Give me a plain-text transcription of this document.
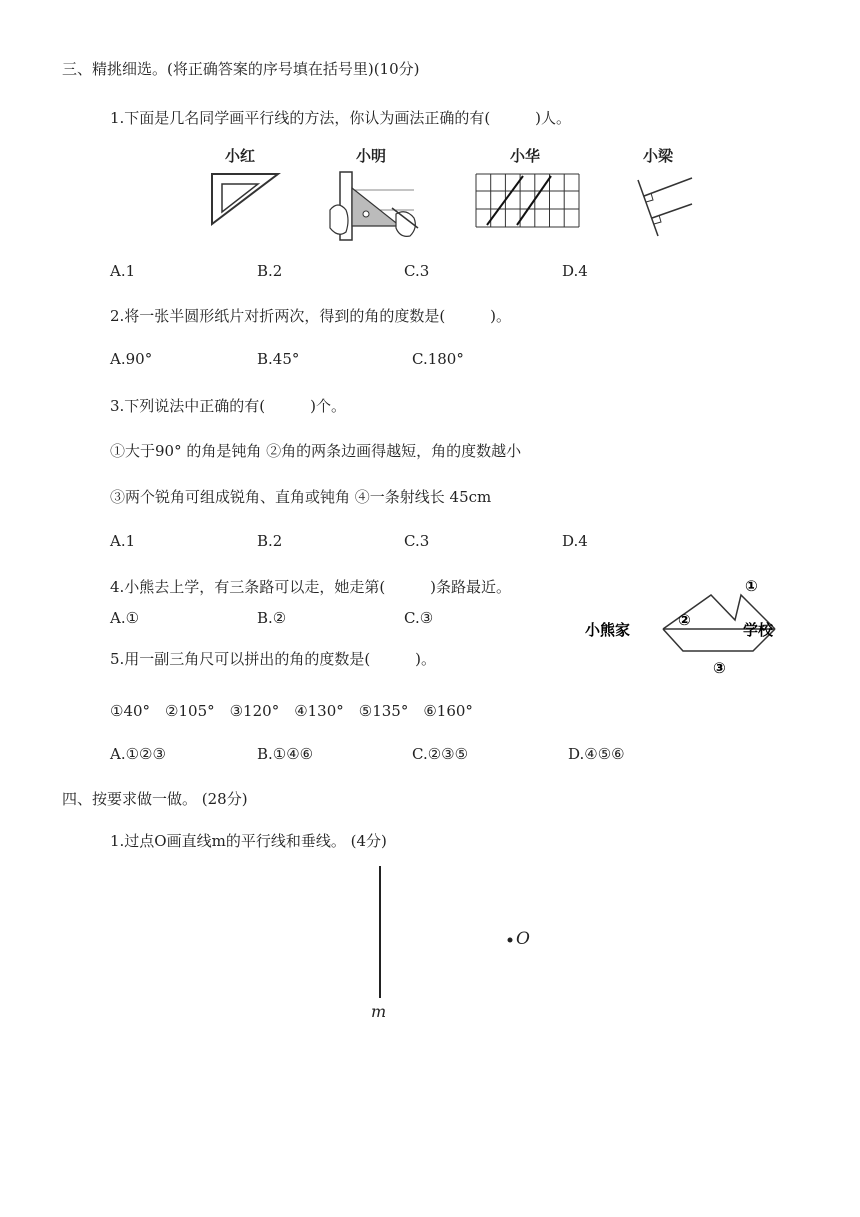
三、精挑细选。(将正确答案的序号填在括号里)(10分)
1.下面是几名同学画平行线的方法，你认为画法正确的有(　　　)人。
小红	小明	小华	小梁
A.1	B.2	C.3	D.4
2.将一张半圆形纸片对折两次，得到的角的度数是(　　　)。
A.90°	B.45°	C.180°
3.下列说法中正确的有(　　　)个。
①大于90° 的角是钝角 ②角的两条边画得越短，角的度数越小
③两个锐角可组成锐角、直角或钝角 ④一条射线长 45cm
A.1	B.2	C.3	D.4
4.小熊去上学，有三条路可以走，她走第(　　　)条路最近。
A.①	B.②	C.③
小熊家
①
②
③
学校
5.用一副三角尺可以拼出的角的度数是(　　　)。
①40°　②105°　③120°　④130°　⑤135°　⑥160°
A.①②③	B.①④⑥	C.②③⑤	D.④⑤⑥
四、按要求做一做。 (28分)
1.过点O画直线m的平行线和垂线。 (4分)
m
O
